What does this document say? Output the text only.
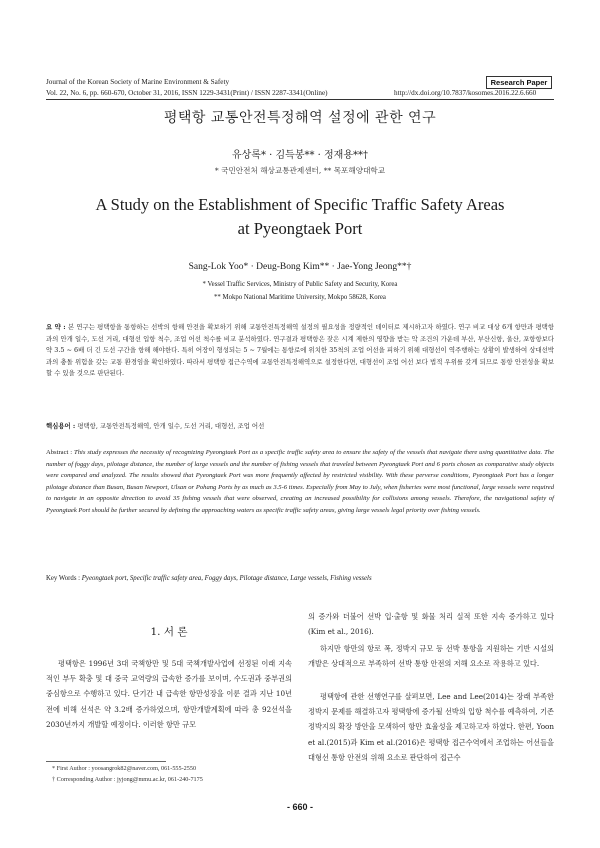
Journal of the Korean Society of Marine Environment & Safety
Vol. 22, No. 6, pp. 660-670, October 31, 2016, ISSN 1229-3431(Print) / ISSN 2287-3341(Online)	http://dx.doi.org/10.7837/kosomes.2016.22.6.660
Research Paper
평택항 교통안전특정해역 설정에 관한 연구
유상록* · 김득봉** · 정재용**†
* 국민안전처 해상교통관제센터, ** 목포해양대학교
A Study on the Establishment of Specific Traffic Safety Areas
at Pyeongtaek Port
Sang-Lok Yoo* · Deug-Bong Kim** · Jae-Yong Jeong**†
* Vessel Traffic Services, Ministry of Public Safety and Security, Korea
** Mokpo National Maritime University, Mokpo 58628, Korea
요 약 : 본 연구는 평택항을 통항하는 선박의 항해 안전을 확보하기 위해 교통안전특정해역 설정의 필요성을 정량적인 데이터로 제시하고자 하였다. 연구 비교 대상 6개 항만과 평택항과의 안개 일수, 도선 거리, 대형선 입항 척수, 조업 어선 척수를 비교 분석하였다. 연구결과 평택항은 잦은 시계 제한의 영향을 받는 악 조건의 가운데 부산, 부산신항, 울산, 포항항보다 약 3.5 ~ 6배 더 긴 도선 구간을 항해 해야한다. 특히 어장이 형성되는 5 ~ 7월에는 통항로에 위치한 35척의 조업 어선을 피하기 위해 대형선이 역주행하는 상황이 발생하여 상대선박과의 충돌 위험을 갖는 교통 환경임을 확인하였다. 따라서 평택항 접근수역에 교통안전특정해역으로 설정한다면, 대형선이 조업 어선 보다 법적 우위를 갖게 되므로 통항 안전성을 확보할 수 있을 것으로 판단된다.
핵심용어 : 평택항, 교통안전특정해역, 안개 일수, 도선 거리, 대형선, 조업 어선
Abstract : This study expresses the necessity of recognizing Pyeongtaek Port as a specific traffic safety area to ensure the safety of the vessels that navigate there using quantitative data. The number of foggy days, pilotage distance, the number of large vessels and the number of fishing vessels that traveled between Pyeongtaek Port and 6 ports chosen as comparative study objects were compared and analyzed. The results showed that Pyeongtaek Port was more frequently affected by restricted visibility. With these perverse conditions, Pyeongtaek Port has a longer pilotage distance than Busan, Busan Newport, Ulsan or Pohang Ports by as much as 3.5-6 times. Especially from May to July, when fisheries were most functional, large vessels were required to navigate in an opposite direction to avoid 35 fishing vessels that were observed, creating an increased possibility for collisions among vessels. Therefore, the navigational safety of Pyeongtaek Port should be further secured by defining the approaching waters as specific traffic safety areas, giving large vessels legal priority over fishing vessels.
Key Words : Pyeongtaek port, Specific traffic safety area, Foggy days, Pilotage distance, Large vessels, Fishing vessels
1. 서 론
평택항은 1996년 3대 국책항만 및 5대 국책개발사업에 선정된 이래 지속적인 부두 확충 및 대 중국 교역량의 급속한 증가를 보이며, 수도권과 중부권의 중심항으로 수행하고 있다. 단기간 내 급속한 항만성장을 이룬 결과 지난 10년 전에 비해 선석은 약 3.2배 증가하였으며, 항만개발계획에 따라 총 92선석을 2030년까지 개발할 예정이다. 이러한 항만 규모
* First Author : yoosangrok82@naver.com, 061-555-2550
† Corresponding Author : jyjong@mmu.ac.kr, 061-240-7175
의 증가와 더불어 선박 입·출항 및 화물 처리 실적 또한 지속 증가하고 있다(Kim et al., 2016).
하지만 항만의 항로 폭, 정박지 규모 등 선박 통항을 지원하는 기반 시설의 개발은 상대적으로 부족하여 선박 통항 안전의 저해 요소로 작용하고 있다.
평택항에 관한 선행연구를 살펴보면, Lee and Lee(2014)는 장래 부족한 정박지 문제를 해결하고자 평택항에 증가될 선박의 입항 척수를 예측하여, 기존 정박지의 확장 방안을 모색하여 항만 효율성을 제고하고자 하였다. 한편, Yoon et al.(2015)과 Kim et al.(2016)은 평택항 접근수역에서 조업하는 어선들을 대형선 통항 안전의 위해 요소로 판단하여 접근수
- 660 -
